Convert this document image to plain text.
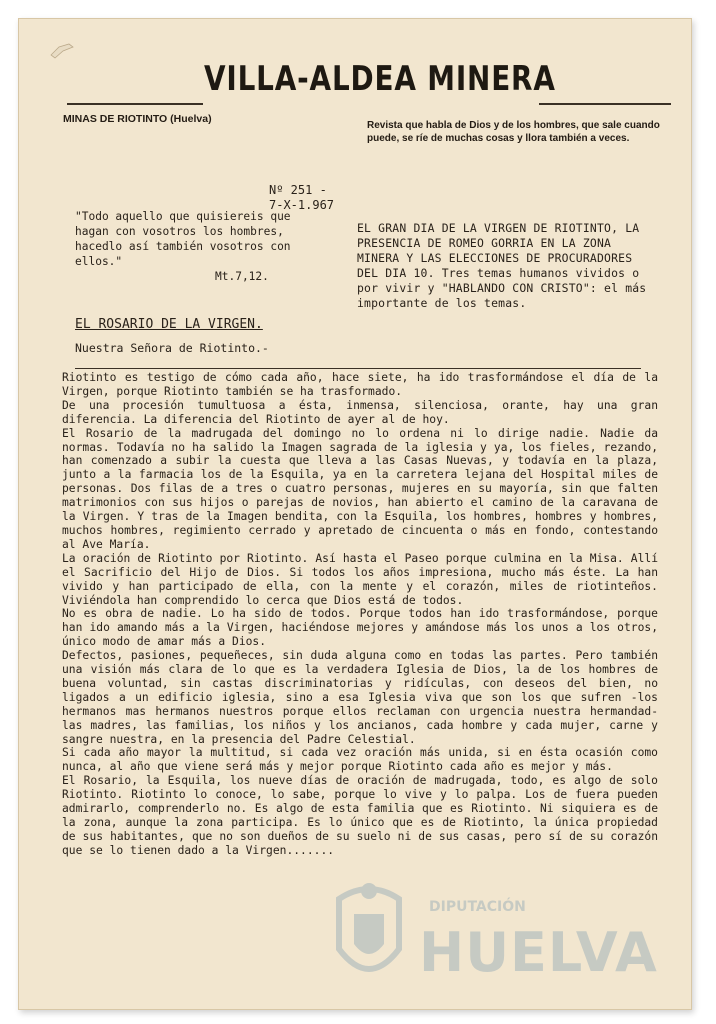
VILLA-ALDEA MINERA
MINAS DE RIOTINTO (Huelva)
Revista que habla de Dios y de los hombres, que sale cuando puede, se ríe de muchas cosas y llora también a veces.
Nº 251 -
7-X-1.967
"Todo aquello que quisiereis que hagan con vosotros los hombres, hacedlo así también vosotros con ellos."
Mt.7,12.
EL GRAN DIA DE LA VIRGEN DE RIOTINTO, LA PRESENCIA DE ROMEO GORRIA EN LA ZONA MINERA Y LAS ELECCIONES DE PROCURADORES DEL DIA 10. Tres temas humanos vividos o por vivir y "HABLANDO CON CRISTO": el más importante de los temas.
EL ROSARIO DE LA VIRGEN.
Nuestra Señora de Riotinto.-

Riotinto es testigo de cómo cada año, hace siete, ha ido trasformándose el día de la Virgen, porque Riotinto también se ha trasformado.

De una procesión tumultuosa a ésta, inmensa, silenciosa, orante, hay una gran diferencia. La diferencia del Riotinto de ayer al de hoy.

El Rosario de la madrugada del domingo no lo ordena ni lo dirige nadie. Nadie da normas. Todavía no ha salido la Imagen sagrada de la iglesia y ya, los fieles, rezando, han comenzado a subir la cuesta que lleva a las Casas Nuevas, y todavía en la plaza, junto a la farmacia los de la Esquila, ya en la carretera lejana del Hospital miles de personas. Dos filas de a tres o cuatro personas, mujeres en su mayoría, sin que falten matrimonios con sus hijos o parejas de novios, han abierto el camino de la caravana de la Virgen. Y tras de la Imagen bendita, con la Esquila, los hombres, hombres y hombres, muchos hombres, regimiento cerrado y apretado de cincuenta o más en fondo, contestando al Ave María.

La oración de Riotinto por Riotinto. Así hasta el Paseo porque culmina en la Misa. Allí el Sacrificio del Hijo de Dios. Si todos los años impresiona, mucho más éste. La han vivido y han participado de ella, con la mente y el corazón, miles de riotinteños. Viviéndola han comprendido lo cerca que Dios está de todos.

No es obra de nadie. Lo ha sido de todos. Porque todos han ido trasformándose, porque han ido amando más a la Virgen, haciéndose mejores y amándose más los unos a los otros, único modo de amar más a Dios.

Defectos, pasiones, pequeñeces, sin duda alguna como en todas las partes. Pero también una visión más clara de lo que es la verdadera Iglesia de Dios, la de los hombres de buena voluntad, sin castas discriminatorias y ridículas, con deseos del bien, no ligados a un edificio iglesia, sino a esa Iglesia viva que son los que sufren -los hermanos mas hermanos nuestros porque ellos reclaman con urgencia nuestra hermandad- las madres, las familias, los niños y los ancianos, cada hombre y cada mujer, carne y sangre nuestra, en la presencia del Padre Celestial.

Si cada año mayor la multitud, si cada vez oración más unida, si en ésta ocasión como nunca, al año que viene será más y mejor porque Riotinto cada año es mejor y más.

El Rosario, la Esquila, los nueve días de oración de madrugada, todo, es algo de solo Riotinto. Riotinto lo conoce, lo sabe, porque lo vive y lo palpa. Los de fuera pueden admirarlo, comprenderlo no. Es algo de esta familia que es Riotinto. Ni siquiera es de la zona, aunque la zona participa. Es lo único que es de Riotinto, la única propiedad de sus habitantes, que no son dueños de su suelo ni de sus casas, pero sí de su corazón que se lo tienen dado a la Virgen.......

DIPUTACIÓN
HUELVA
